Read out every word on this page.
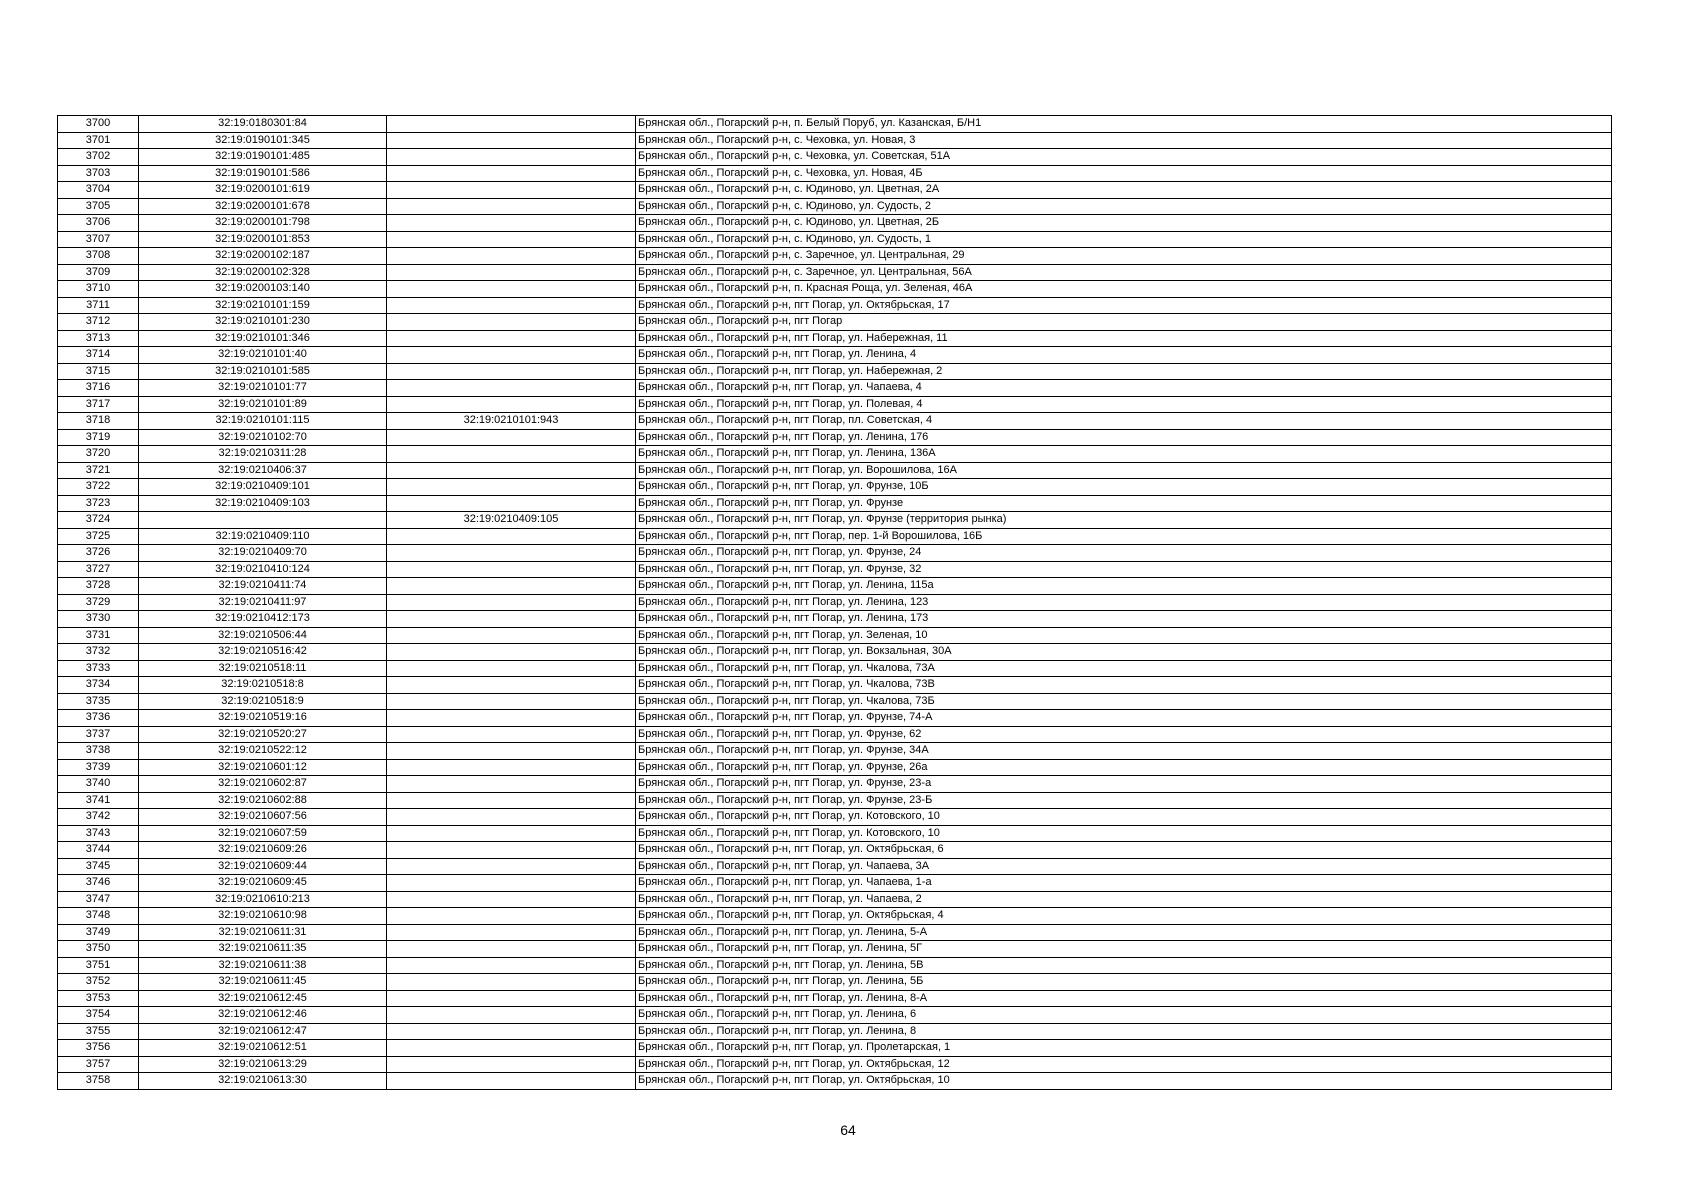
3700	32:19:0180301:84		Брянская обл., Погарский р-н, п. Белый Поруб, ул. Казанская, Б/Н1
3701	32:19:0190101:345		Брянская обл., Погарский р-н, с. Чеховка, ул. Новая, 3
3702	32:19:0190101:485		Брянская обл., Погарский р-н, с. Чеховка, ул. Советская, 51А
3703	32:19:0190101:586		Брянская обл., Погарский р-н, с. Чеховка, ул. Новая, 4Б
3704	32:19:0200101:619		Брянская обл., Погарский р-н, с. Юдиново, ул. Цветная, 2А
3705	32:19:0200101:678		Брянская обл., Погарский р-н, с. Юдиново, ул. Судость, 2
3706	32:19:0200101:798		Брянская обл., Погарский р-н, с. Юдиново, ул. Цветная, 2Б
3707	32:19:0200101:853		Брянская обл., Погарский р-н, с. Юдиново, ул. Судость, 1
3708	32:19:0200102:187		Брянская обл., Погарский р-н, с. Заречное, ул. Центральная, 29
3709	32:19:0200102:328		Брянская обл., Погарский р-н, с. Заречное, ул. Центральная, 56А
3710	32:19:0200103:140		Брянская обл., Погарский р-н, п. Красная Роща, ул. Зеленая, 46А
3711	32:19:0210101:159		Брянская обл., Погарский р-н, пгт Погар, ул. Октябрьская, 17
3712	32:19:0210101:230		Брянская обл., Погарский р-н, пгт Погар
3713	32:19:0210101:346		Брянская обл., Погарский р-н, пгт Погар, ул. Набережная, 11
3714	32:19:0210101:40		Брянская обл., Погарский р-н, пгт Погар, ул. Ленина, 4
3715	32:19:0210101:585		Брянская обл., Погарский р-н, пгт Погар, ул. Набережная, 2
3716	32:19:0210101:77		Брянская обл., Погарский р-н, пгт Погар, ул. Чапаева, 4
3717	32:19:0210101:89		Брянская обл., Погарский р-н, пгт Погар, ул. Полевая, 4
3718	32:19:0210101:115	32:19:0210101:943	Брянская обл., Погарский р-н, пгт Погар, пл. Советская, 4
3719	32:19:0210102:70		Брянская обл., Погарский р-н, пгт Погар, ул. Ленина, 176
3720	32:19:0210311:28		Брянская обл., Погарский р-н, пгт Погар, ул. Ленина, 136А
3721	32:19:0210406:37		Брянская обл., Погарский р-н, пгт Погар, ул. Ворошилова, 16А
3722	32:19:0210409:101		Брянская обл., Погарский р-н, пгт Погар, ул. Фрунзе, 10Б
3723	32:19:0210409:103		Брянская обл., Погарский р-н, пгт Погар, ул. Фрунзе
3724		32:19:0210409:105	Брянская обл., Погарский р-н, пгт Погар, ул. Фрунзе (территория рынка)
3725	32:19:0210409:110		Брянская обл., Погарский р-н, пгт Погар, пер. 1-й Ворошилова, 16Б
3726	32:19:0210409:70		Брянская обл., Погарский р-н, пгт Погар, ул. Фрунзе, 24
3727	32:19:0210410:124		Брянская обл., Погарский р-н, пгт Погар, ул. Фрунзе, 32
3728	32:19:0210411:74		Брянская обл., Погарский р-н, пгт Погар, ул. Ленина, 115а
3729	32:19:0210411:97		Брянская обл., Погарский р-н, пгт Погар, ул. Ленина, 123
3730	32:19:0210412:173		Брянская обл., Погарский р-н, пгт Погар, ул. Ленина, 173
3731	32:19:0210506:44		Брянская обл., Погарский р-н, пгт Погар, ул. Зеленая, 10
3732	32:19:0210516:42		Брянская обл., Погарский р-н, пгт Погар, ул. Вокзальная, 30А
3733	32:19:0210518:11		Брянская обл., Погарский р-н, пгт Погар, ул. Чкалова, 73А
3734	32:19:0210518:8		Брянская обл., Погарский р-н, пгт Погар, ул. Чкалова, 73В
3735	32:19:0210518:9		Брянская обл., Погарский р-н, пгт Погар, ул. Чкалова, 73Б
3736	32:19:0210519:16		Брянская обл., Погарский р-н, пгт Погар, ул. Фрунзе, 74-А
3737	32:19:0210520:27		Брянская обл., Погарский р-н, пгт Погар, ул. Фрунзе, 62
3738	32:19:0210522:12		Брянская обл., Погарский р-н, пгт Погар, ул. Фрунзе, 34А
3739	32:19:0210601:12		Брянская обл., Погарский р-н, пгт Погар, ул. Фрунзе, 26а
3740	32:19:0210602:87		Брянская обл., Погарский р-н, пгт Погар, ул. Фрунзе, 23-а
3741	32:19:0210602:88		Брянская обл., Погарский р-н, пгт Погар, ул. Фрунзе, 23-Б
3742	32:19:0210607:56		Брянская обл., Погарский р-н, пгт Погар, ул. Котовского, 10
3743	32:19:0210607:59		Брянская обл., Погарский р-н, пгт Погар, ул. Котовского, 10
3744	32:19:0210609:26		Брянская обл., Погарский р-н, пгт Погар, ул. Октябрьская, 6
3745	32:19:0210609:44		Брянская обл., Погарский р-н, пгт Погар, ул. Чапаева, 3А
3746	32:19:0210609:45		Брянская обл., Погарский р-н, пгт Погар, ул. Чапаева, 1-а
3747	32:19:0210610:213		Брянская обл., Погарский р-н, пгт Погар, ул. Чапаева, 2
3748	32:19:0210610:98		Брянская обл., Погарский р-н, пгт Погар, ул. Октябрьская, 4
3749	32:19:0210611:31		Брянская обл., Погарский р-н, пгт Погар, ул. Ленина, 5-А
3750	32:19:0210611:35		Брянская обл., Погарский р-н, пгт Погар, ул. Ленина, 5Г
3751	32:19:0210611:38		Брянская обл., Погарский р-н, пгт Погар, ул. Ленина, 5В
3752	32:19:0210611:45		Брянская обл., Погарский р-н, пгт Погар, ул. Ленина, 5Б
3753	32:19:0210612:45		Брянская обл., Погарский р-н, пгт Погар, ул. Ленина, 8-А
3754	32:19:0210612:46		Брянская обл., Погарский р-н, пгт Погар, ул. Ленина, 6
3755	32:19:0210612:47		Брянская обл., Погарский р-н, пгт Погар, ул. Ленина, 8
3756	32:19:0210612:51		Брянская обл., Погарский р-н, пгт Погар, ул. Пролетарская, 1
3757	32:19:0210613:29		Брянская обл., Погарский р-н, пгт Погар, ул. Октябрьская, 12
3758	32:19:0210613:30		Брянская обл., Погарский р-н, пгт Погар, ул. Октябрьская, 10
64
